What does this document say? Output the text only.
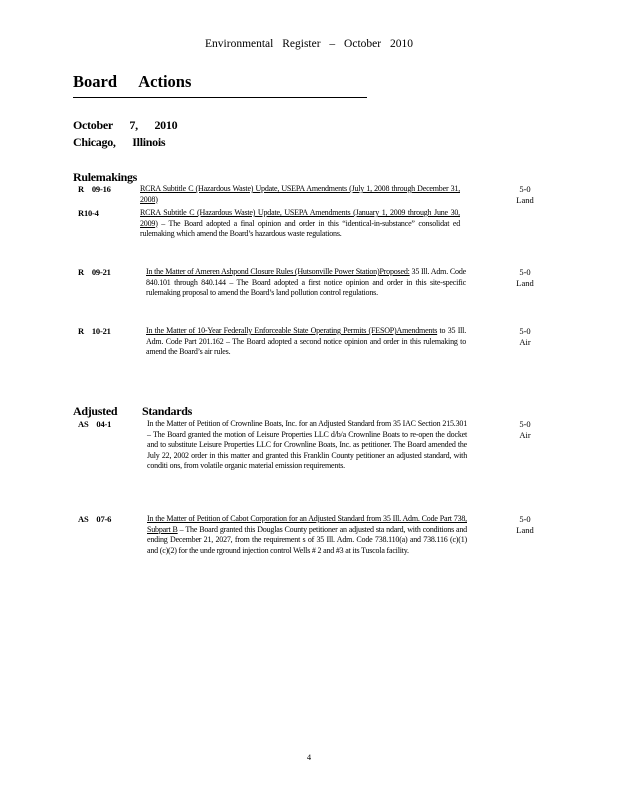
Environmental Register – October 2010
Board Actions
October 7, 2010
Chicago, Illinois
Rulemakings
R 09-16	RCRA Subtitle C (Hazardous Waste) Update, USEPA Amendments (July 1, 2008 through December 31, 2008)
5-0
Land
R10-4	RCRA Subtitle C (Hazardous Waste) Update, USEPA Amendments (January 1, 2009 through June 30, 2009) – The Board adopted a final opinion and order in this “identical-in-substance” consolidat ed rulemaking which amend the Board’s hazardous waste regulations.
R 09-21	In the Matter of Ameren Ashpond Closure Rules (Hutsonville Power Station)Proposed: 35 Ill. Adm. Code 840.101 through 840.144 – The Board adopted a first notice opinion and order in this site-specific rulemaking proposal to amend the Board’s land pollution control regulations.
5-0
Land
R 10-21	In the Matter of 10-Year Federally Enforceable State Operating Permits (FESOP)Amendments to 35 Ill. Adm. Code Part 201.162 – The Board adopted a second notice opinion and order in this rulemaking to amend the Board’s air rules.
5-0
Air
Adjusted Standards
AS 04-1	In the Matter of Petition of Crownline Boats, Inc. for an Adjusted Standard from 35 IAC Section 215.301 – The Board granted the motion of Leisure Properties LLC d/b/a Crownline Boats to re-open the docket and to substitute Leisure Properties LLC for Crownline Boats, Inc. as petitioner. The Board amended the July 22, 2002 order in this matter and granted this Franklin County petitioner an adjusted standard, with conditi ons, from volatile organic material emission requirements.
5-0
Air
AS 07-6	In the Matter of Petition of Cabot Corporation for an Adjusted Standard from 35 Ill. Adm. Code Part 738, Subpart B – The Board granted this Douglas County petitioner an adjusted sta ndard, with conditions and ending December 21, 2027, from the requirement s of 35 Ill. Adm. Code 738.110(a) and 738.116 (c)(1) and (c)(2) for the unde rground injection control Wells # 2 and #3 at its Tuscola facility.
5-0
Land
4
